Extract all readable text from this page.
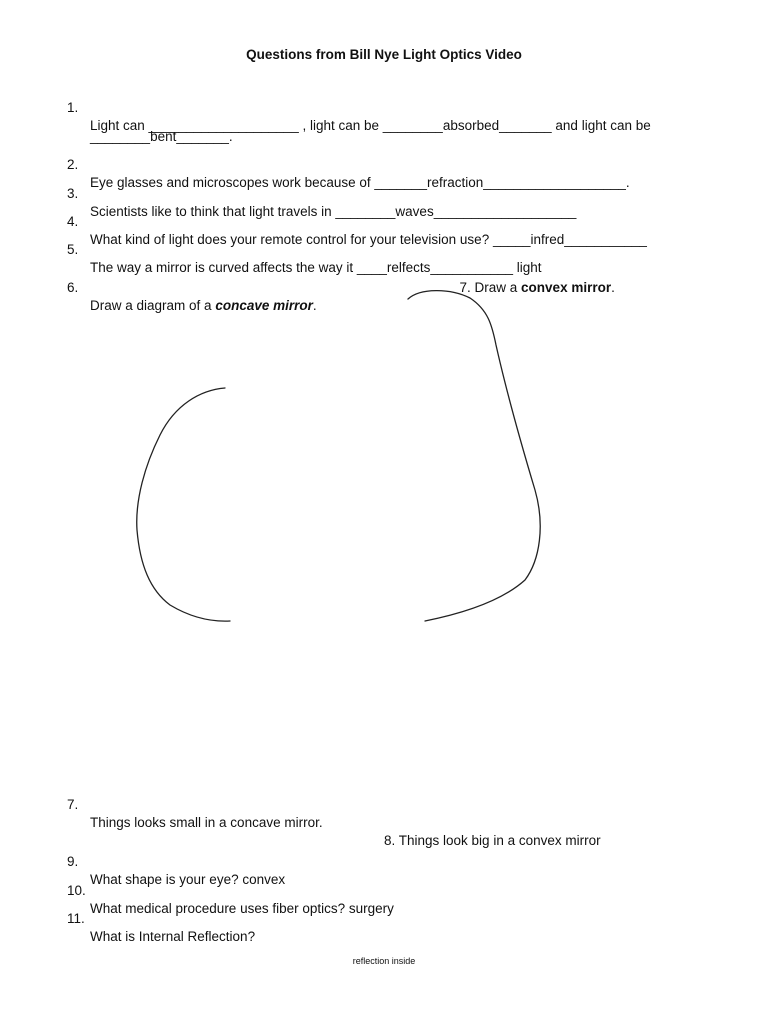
Questions from Bill Nye Light Optics Video

1.

Light can ____________________ , light can be ________absorbed_______ and light can be

________bent_______.

2.

Eye glasses and microscopes work because of _______refraction___________________.

3.

Scientists like to think that light travels in ________waves___________________

4.

What kind of light does your remote control for your television use? _____infred___________

5.

The way a mirror is curved affects the way it ____relfects___________ light

6.

Draw a diagram of a concave mirror.

7. Draw a convex mirror.

7.

Things looks small in a concave mirror.

8. Things look big in a convex mirror

9.

What shape is your eye? convex

10.

What medical procedure uses fiber optics? surgery

11.

What is Internal Reflection?

reflection inside
